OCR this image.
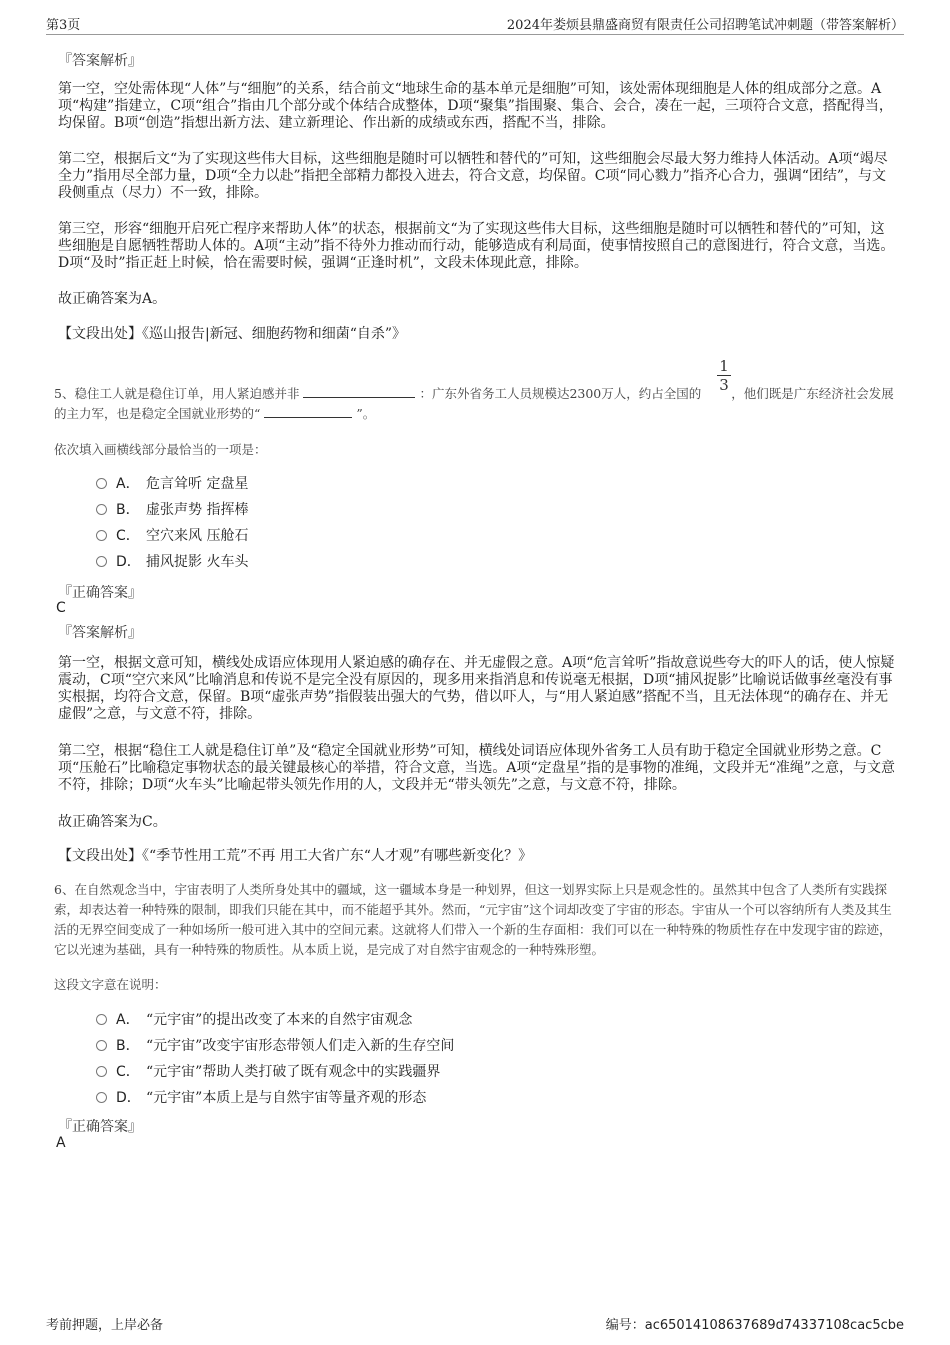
第3页	2024年娄烦县鼎盛商贸有限责任公司招聘笔试冲刺题（带答案解析）
『答案解析』
第一空，空处需体现“人体”与“细胞”的关系，结合前文“地球生命的基本单元是细胞”可知，该处需体现细胞是人体的组成部分之意。A项“构建”指建立，C项“组合”指由几个部分或个体结合成整体，D项“聚集”指围聚、集合、会合，凑在一起，三项符合文意，搭配得当，均保留。B项“创造”指想出新方法、建立新理论、作出新的成绩或东西，搭配不当，排除。
第二空，根据后文“为了实现这些伟大目标，这些细胞是随时可以牺牲和替代的”可知，这些细胞会尽最大努力维持人体活动。A项“竭尽全力”指用尽全部力量，D项“全力以赴”指把全部精力都投入进去，符合文意，均保留。C项“同心戮力”指齐心合力，强调“团结”，与文段侧重点（尽力）不一致，排除。
第三空，形容“细胞开启死亡程序来帮助人体”的状态，根据前文“为了实现这些伟大目标，这些细胞是随时可以牺牲和替代的”可知，这些细胞是自愿牺牲帮助人体的。A项“主动”指不待外力推动而行动，能够造成有利局面，使事情按照自己的意图进行，符合文意，当选。D项“及时”指正赶上时候，恰在需要时候，强调“正逢时机”，文段未体现此意，排除。
故正确答案为A。
【文段出处】《巡山报告|新冠、细胞药物和细菌“自杀”》
1
3
5、稳住工人就是稳住订单，用人紧迫感并非	：广东外省务工人员规模达2300万人，约占全国的 ，他们既是广东经济社会发展的主力军，也是稳定全国就业形势的“	”。
依次填入画横线部分最恰当的一项是：
A． 危言耸听 定盘星
B． 虚张声势 指挥棒
C． 空穴来风 压舱石
D． 捕风捉影 火车头
『正确答案』
C
『答案解析』
第一空，根据文意可知，横线处成语应体现用人紧迫感的确存在、并无虚假之意。A项“危言耸听”指故意说些夸大的吓人的话，使人惊疑震动，C项“空穴来风”比喻消息和传说不是完全没有原因的，现多用来指消息和传说毫无根据，D项“捕风捉影”比喻说话做事丝毫没有事实根据，均符合文意，保留。B项“虚张声势”指假装出强大的气势，借以吓人，与“用人紧迫感”搭配不当，且无法体现“的确存在、并无虚假”之意，与文意不符，排除。
第二空，根据“稳住工人就是稳住订单”及“稳定全国就业形势”可知，横线处词语应体现外省务工人员有助于稳定全国就业形势之意。C项“压舱石”比喻稳定事物状态的最关键最核心的举措，符合文意，当选。A项“定盘星”指的是事物的准绳，文段并无“准绳”之意，与文意不符，排除；D项“火车头”比喻起带头领先作用的人，文段并无“带头领先”之意，与文意不符，排除。
故正确答案为C。
【文段出处】《“季节性用工荒”不再 用工大省广东“人才观”有哪些新变化？》
6、在自然观念当中，宇宙表明了人类所身处其中的疆域，这一疆域本身是一种划界，但这一划界实际上只是观念性的。虽然其中包含了人类所有实践探索，却表达着一种特殊的限制，即我们只能在其中，而不能超乎其外。然而，“元宇宙”这个词却改变了宇宙的形态。宇宙从一个可以容纳所有人类及其生活的无界空间变成了一种如场所一般可进入其中的空间元素。这就将人们带入一个新的生存面相：我们可以在一种特殊的物质性存在中发现宇宙的踪迹，它以光速为基础，具有一种特殊的物质性。从本质上说，是完成了对自然宇宙观念的一种特殊形塑。
这段文字意在说明：
A． “元宇宙”的提出改变了本来的自然宇宙观念
B． “元宇宙”改变宇宙形态带领人们走入新的生存空间
C． “元宇宙”帮助人类打破了既有观念中的实践疆界
D． “元宇宙”本质上是与自然宇宙等量齐观的形态
『正确答案』
A
考前押题，上岸必备	编号：ac65014108637689d74337108cac5cbe
